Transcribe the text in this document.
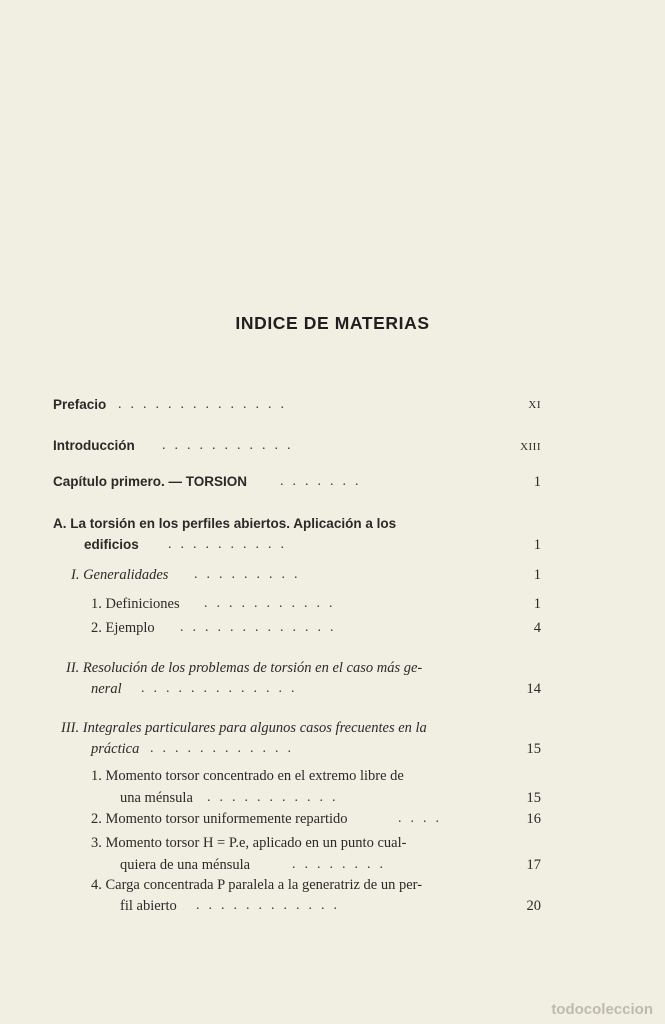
INDICE DE MATERIAS
Prefacio ..............	XI
Introducción ...........	XIII
Capítulo primero. — TORSION .......	1
A. La torsión en los perfiles abiertos. Aplicación a los
edificios ..........	1
I. Generalidades .........	1
1. Definiciones ...........	1
2. Ejemplo .............	4
II. Resolución de los problemas de torsión en el caso más ge-
neral .............	14
III. Integrales particulares para algunos casos frecuentes en la
práctica ............	15
1. Momento torsor concentrado en el extremo libre de
una ménsula ...........	15
2. Momento torsor uniformemente repartido	....	16
3. Momento torsor H = P.e, aplicado en un punto cual-
quiera de una ménsula	........	17
4. Carga concentrada P paralela a la generatriz de un per-
fil abierto ............	20
todocoleccion
